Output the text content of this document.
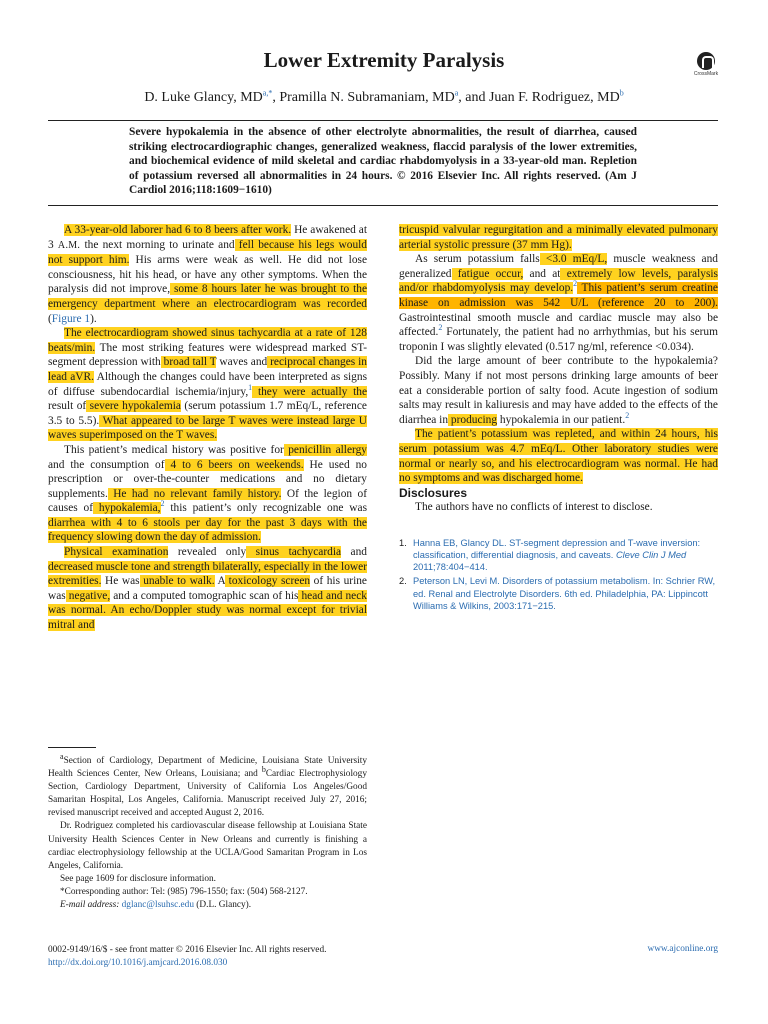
Lower Extremity Paralysis
CrossMark
D. Luke Glancy, $MD^{a,*}$, Pramilla N. Subramaniam, $MD^a$, and Juan F. Rodriguez, $MD^b$
Severe hypokalemia in the absence of other electrolyte abnormalities, the result of diarrhea, caused striking electrocardiographic changes, generalized weakness, flaccid paralysis of the lower extremities, and biochemical evidence of mild skeletal and cardiac rhabdomyolysis in a 33-year-old man. Repletion of potassium reversed all abnormalities in 24 hours. © 2016 Elsevier Inc. All rights reserved. (Am J Cardiol 2016;118:1609−1610)

A 33-year-old laborer had 6 to 8 beers after work. He awakened at 3 A.M. the next morning to urinate and fell because his legs would not support him. His arms were weak as well. He did not lose consciousness, hit his head, or have any other symptoms. When the paralysis did not improve, some 8 hours later he was brought to the emergency department where an electrocardiogram was recorded (Figure 1).

The electrocardiogram showed sinus tachycardia at a rate of 128 beats/min. The most striking features were widespread marked ST-segment depression with broad tall T waves and reciprocal changes in lead aVR. Although the changes could have been interpreted as signs of diffuse subendocardial ischemia/injury,$^1$ they were actually the result of severe hypokalemia (serum potassium 1.7 mEq/L, reference 3.5 to 5.5). What appeared to be large T waves were instead large U waves superimposed on the T waves.

This patient’s medical history was positive for penicillin allergy and the consumption of 4 to 6 beers on weekends. He used no prescription or over-the-counter medications and no dietary supplements. He had no relevant family history. Of the legion of causes of hypokalemia,$^2$ this patient’s only recognizable one was diarrhea with 4 to 6 stools per day for the past 3 days with the frequency slowing down the day of admission.

Physical examination revealed only sinus tachycardia and decreased muscle tone and strength bilaterally, especially in the lower extremities. He was unable to walk. A toxicology screen of his urine was negative, and a computed tomographic scan of his head and neck was normal. An echo/Doppler study was normal except for trivial mitral and

tricuspid valvular regurgitation and a minimally elevated pulmonary arterial systolic pressure (37 mm Hg).

As serum potassium falls <3.0 mEq/L, muscle weakness and generalized fatigue occur, and at extremely low levels, paralysis and/or rhabdomyolysis may develop.$^2$ This patient’s serum creatine kinase on admission was 542 U/L (reference 20 to 200). Gastrointestinal smooth muscle and cardiac muscle may also be affected.$^2$ Fortunately, the patient had no arrhythmias, but his serum troponin I was slightly elevated (0.517 ng/ml, reference <0.034).

Did the large amount of beer contribute to the hypokalemia? Possibly. Many if not most persons drinking large amounts of beer eat a considerable portion of salty food. Acute ingestion of sodium salts may result in kaliuresis and may have added to the effects of the diarrhea in producing hypokalemia in our patient.$^2$

The patient’s potassium was repleted, and within 24 hours, his serum potassium was 4.7 mEq/L. Other laboratory studies were normal or nearly so, and his electrocardiogram was normal. He had no symptoms and was discharged home.

Disclosures

The authors have no conflicts of interest to disclose.

1. Hanna EB, Glancy DL. ST-segment depression and T-wave inversion: classification, differential diagnosis, and caveats. Cleve Clin J Med 2011;78:404−414.
2. Peterson LN, Levi M. Disorders of potassium metabolism. In: Schrier RW, ed. Renal and Electrolyte Disorders. 6th ed. Philadelphia, PA: Lippincott Williams & Wilkins, 2003:171−215.

$^a$Section of Cardiology, Department of Medicine, Louisiana State University Health Sciences Center, New Orleans, Louisiana; and $^b$Cardiac Electrophysiology Section, Cardiology Department, University of California Los Angeles/Good Samaritan Hospital, Los Angeles, California. Manuscript received July 27, 2016; revised manuscript received and accepted August 2, 2016.

Dr. Rodriguez completed his cardiovascular disease fellowship at Louisiana State University Health Sciences Center in New Orleans and currently is finishing a cardiac electrophysiology fellowship at the UCLA/Good Samaritan Program in Los Angeles, California.

See page 1609 for disclosure information.

*Corresponding author: Tel: (985) 796-1550; fax: (504) 568-2127.

E-mail address: dglanc@lsuhsc.edu (D.L. Glancy).

0002-9149/16/$ - see front matter © 2016 Elsevier Inc. All rights reserved.
http://dx.doi.org/10.1016/j.amjcard.2016.08.030
www.ajconline.org
